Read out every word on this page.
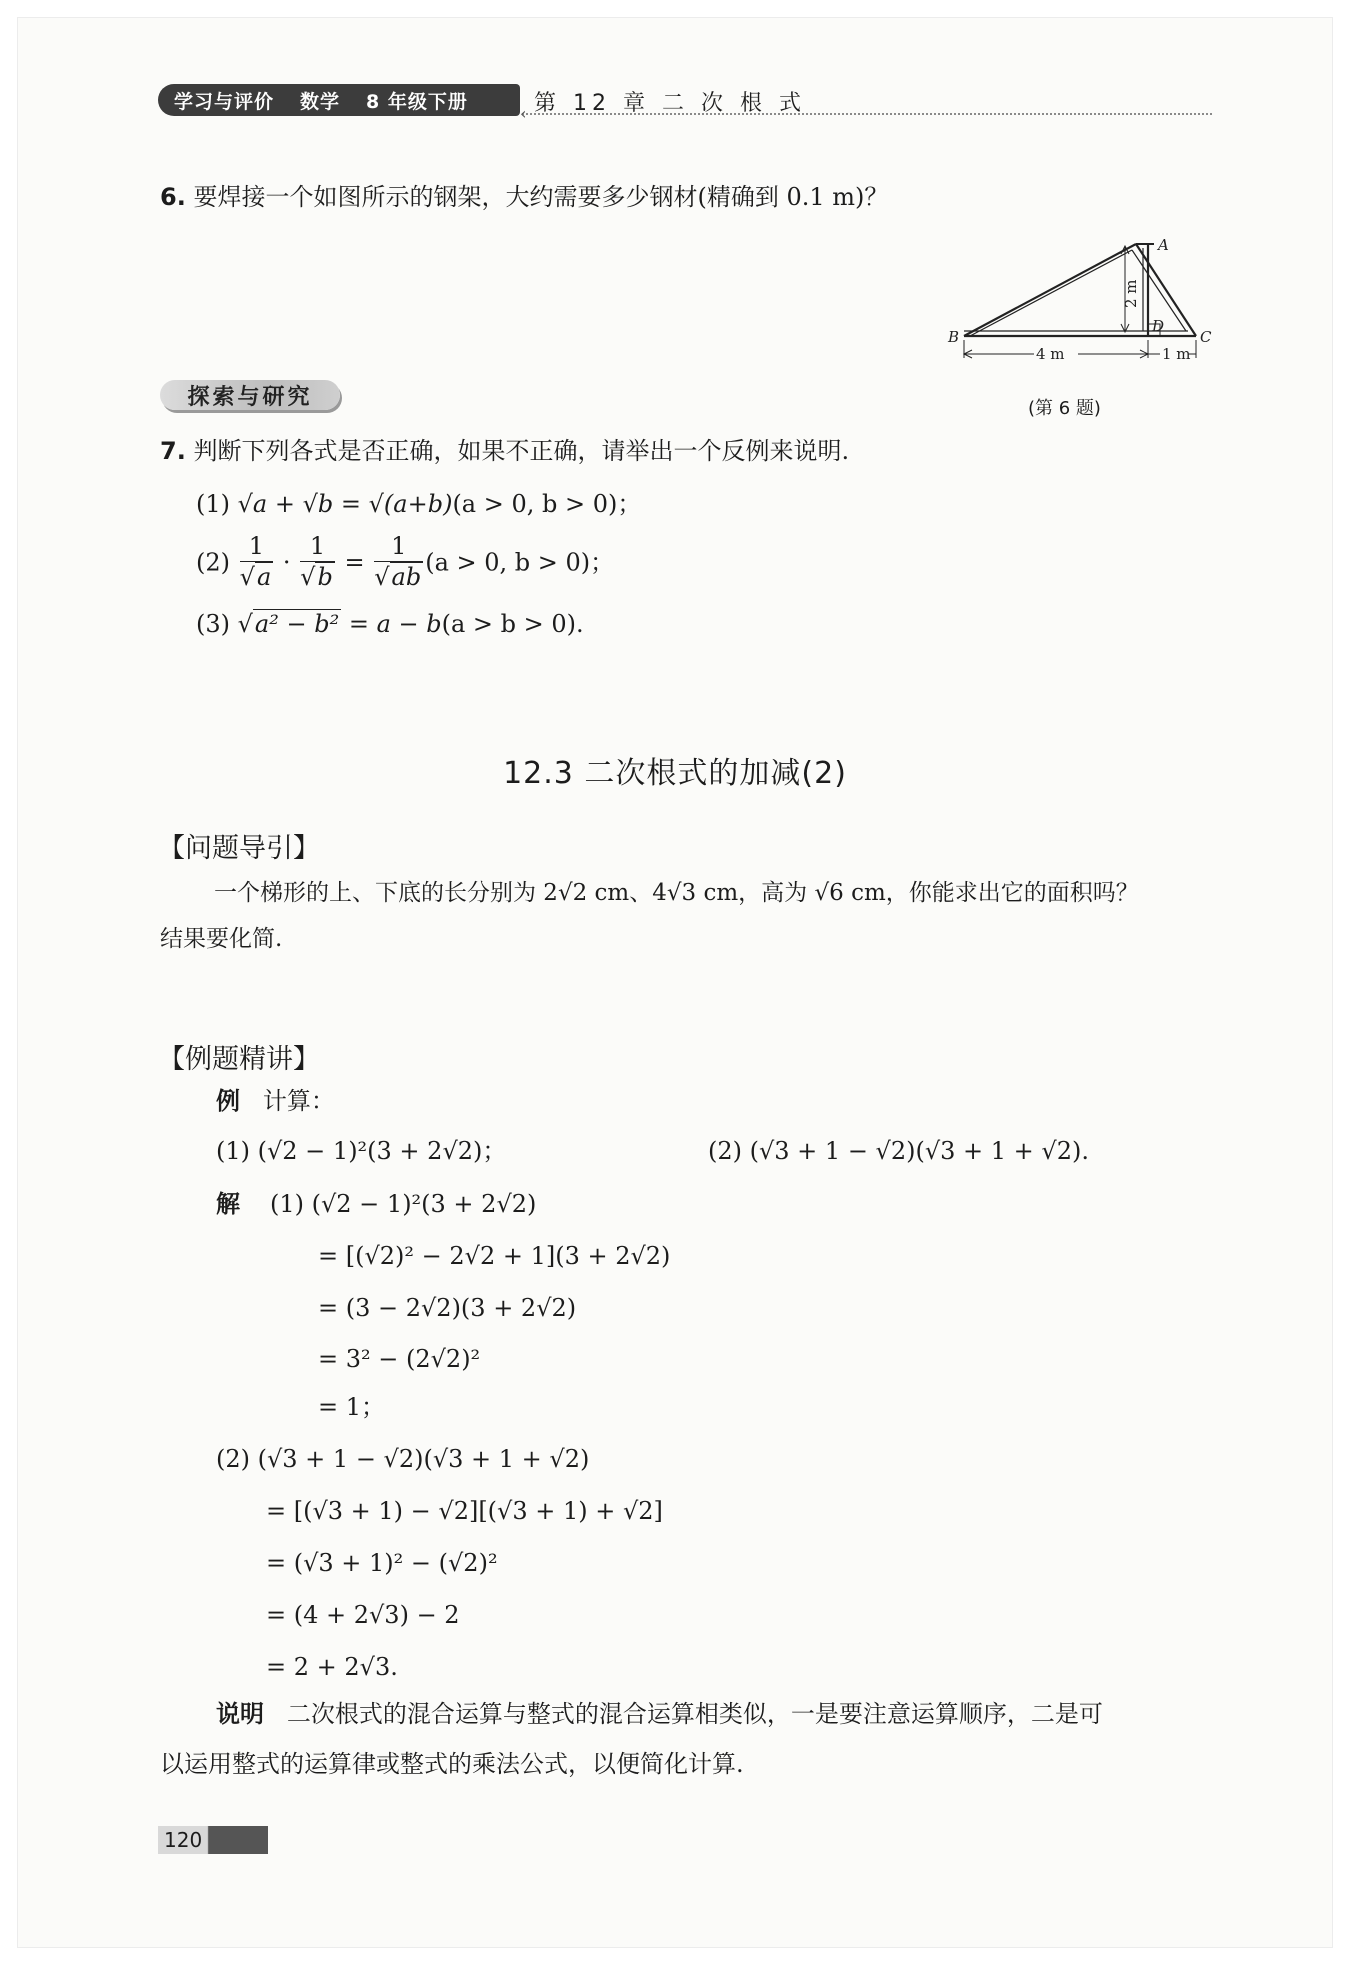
学习与评价 数学 8 年级下册
‹ 第 12 章 二 次 根 式
6. 要焊接一个如图所示的钢架，大约需要多少钢材(精确到 0.1 m)？
A
B	C
D
4 m	1 m
2 m
(第 6 题)
探索与研究
7. 判断下列各式是否正确，如果不正确，请举出一个反例来说明.
(1) √a + √b = √(a+b)(a > 0, b > 0)；
$(2) \frac{1}{√a} \cdot \frac{1}{√b} = \frac{1}{√ab} (a > 0$, b > 0)；
(3) √a² − b² = a − b(a > b > 0).
12.3 二次根式的加减(2)
【问题导引】
一个梯形的上、下底的长分别为 2√2 cm、4√3 cm，高为 √6 cm，你能求出它的面积吗？
结果要化简.
【例题精讲】
例 计算：
(1) (√2 − 1)²(3 + 2√2)；	(2) (√3 + 1 − √2)(√3 + 1 + √2).
解 (1) (√2 − 1)²(3 + 2√2)
= [(√2)² − 2√2 + 1](3 + 2√2)
= (3 − 2√2)(3 + 2√2)
= 3² − (2√2)²
= 1；
(2) (√3 + 1 − √2)(√3 + 1 + √2)
= [(√3 + 1) − √2][(√3 + 1) + √2]
= (√3 + 1)² − (√2)²
= (4 + 2√3) − 2
= 2 + 2√3.
说明 二次根式的混合运算与整式的混合运算相类似，一是要注意运算顺序，二是可
以运用整式的运算律或整式的乘法公式，以便简化计算.
120
